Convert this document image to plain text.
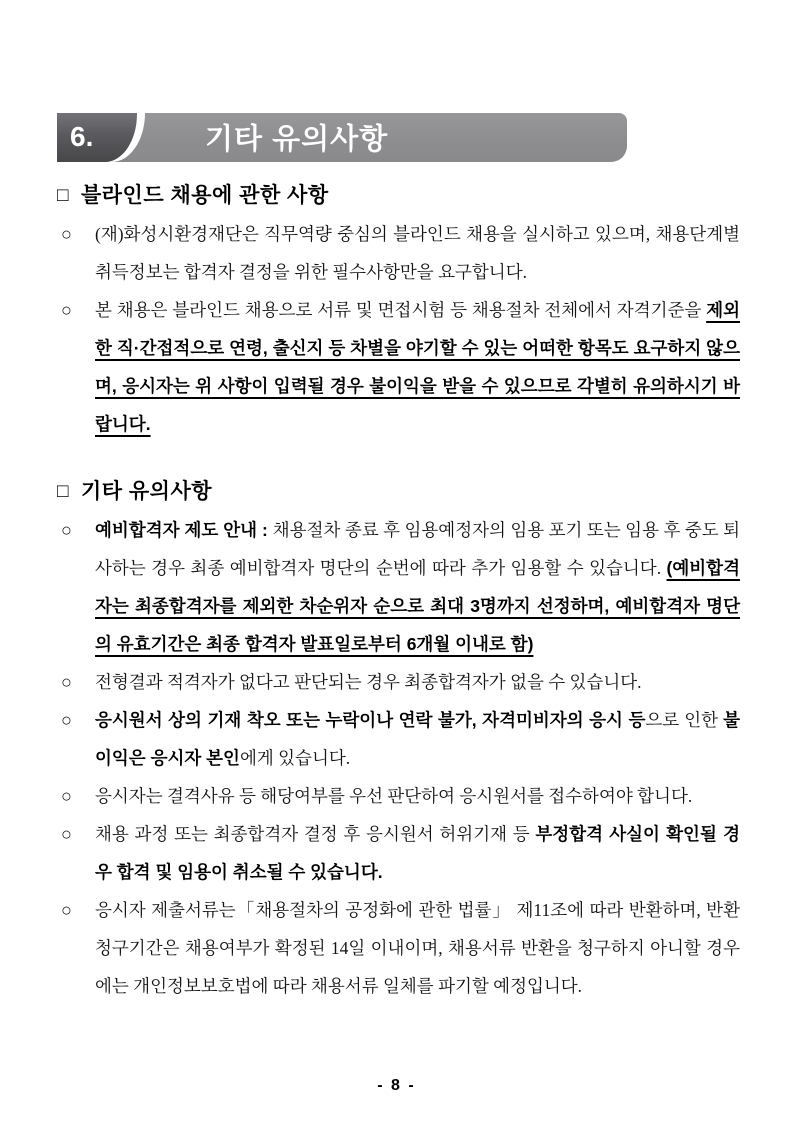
6.	기타 유의사항
□ 블라인드 채용에 관한 사항
○ (재)화성시환경재단은 직무역량 중심의 블라인드 채용을 실시하고 있으며, 채용단계별 취득정보는 합격자 결정을 위한 필수사항만을 요구합니다.

○ 본 채용은 블라인드 채용으로 서류 및 면접시험 등 채용절차 전체에서 자격기준을 제외한 직·간접적으로 연령, 출신지 등 차별을 야기할 수 있는 어떠한 항목도 요구하지 않으며, 응시자는 위 사항이 입력될 경우 불이익을 받을 수 있으므로 각별히 유의하시기 바랍니다.

□ 기타 유의사항
○ 예비합격자 제도 안내 : 채용절차 종료 후 임용예정자의 임용 포기 또는 임용 후 중도 퇴사하는 경우 최종 예비합격자 명단의 순번에 따라 추가 임용할 수 있습니다. (예비합격자는 최종합격자를 제외한 차순위자 순으로 최대 3명까지 선정하며, 예비합격자 명단의 유효기간은 최종 합격자 발표일로부터 6개월 이내로 함)

○ 전형결과 적격자가 없다고 판단되는 경우 최종합격자가 없을 수 있습니다.

○ 응시원서 상의 기재 착오 또는 누락이나 연락 불가, 자격미비자의 응시 등으로 인한 불이익은 응시자 본인에게 있습니다.

○ 응시자는 결격사유 등 해당여부를 우선 판단하여 응시원서를 접수하여야 합니다.

○ 채용 과정 또는 최종합격자 결정 후 응시원서 허위기재 등 부정합격 사실이 확인될 경우 합격 및 임용이 취소될 수 있습니다.

○ 응시자 제출서류는「채용절차의 공정화에 관한 법률」 제11조에 따라 반환하며, 반환 청구기간은 채용여부가 확정된 14일 이내이며, 채용서류 반환을 청구하지 아니할 경우에는 개인정보보호법에 따라 채용서류 일체를 파기할 예정입니다.

- 8 -
